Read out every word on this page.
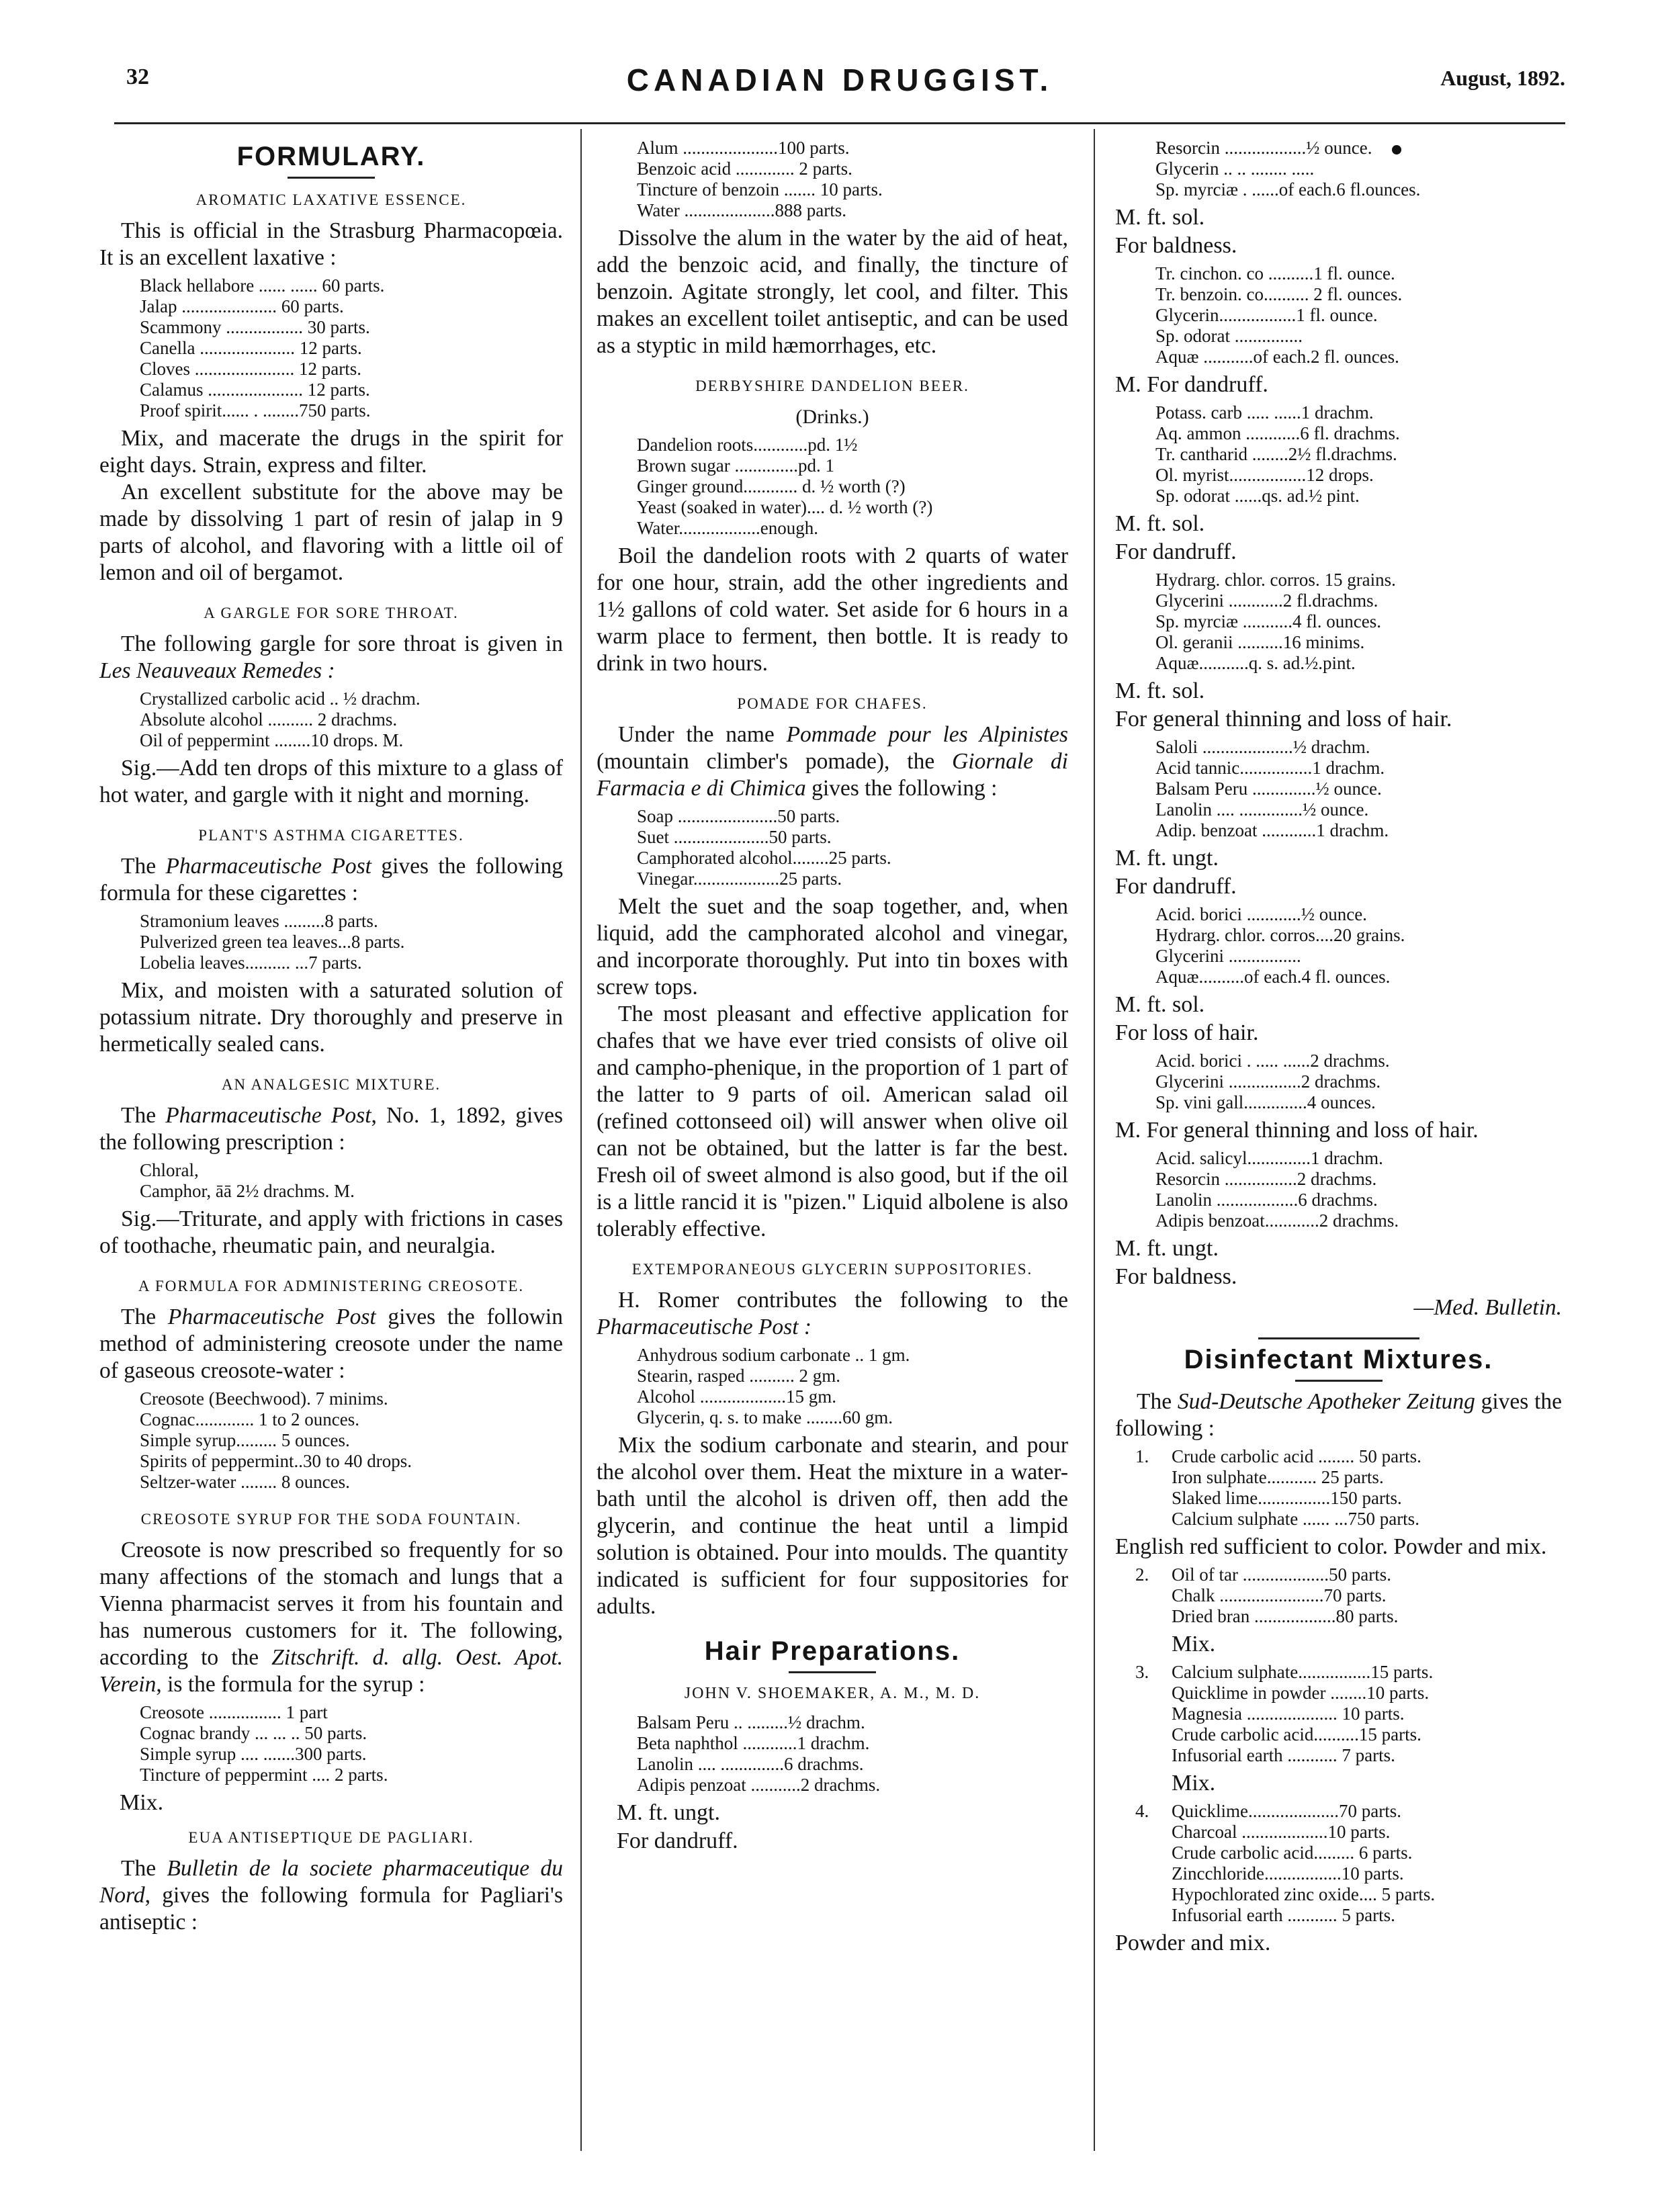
32	CANADIAN DRUGGIST.	August, 1892.
FORMULARY.
AROMATIC LAXATIVE ESSENCE.

This is official in the Strasburg Pharmacopœia. It is an excellent laxative :

Black hellabore ...... ...... 60 parts.
Jalap ..................... 60 parts.
Scammony ................. 30 parts.
Canella ..................... 12 parts.
Cloves ...................... 12 parts.
Calamus ..................... 12 parts.
Proof spirit...... . ........750 parts.

Mix, and macerate the drugs in the spirit for eight days. Strain, express and filter.

An excellent substitute for the above may be made by dissolving 1 part of resin of jalap in 9 parts of alcohol, and flavoring with a little oil of lemon and oil of bergamot.

A GARGLE FOR SORE THROAT.

The following gargle for sore throat is given in Les Neauveaux Remedes :

Crystallized carbolic acid .. ½ drachm.
Absolute alcohol .......... 2 drachms.
Oil of peppermint ........10 drops. M.

Sig.—Add ten drops of this mixture to a glass of hot water, and gargle with it night and morning.

PLANT'S ASTHMA CIGARETTES.

The Pharmaceutische Post gives the following formula for these cigarettes :

Stramonium leaves .........8 parts.
Pulverized green tea leaves...8 parts.
Lobelia leaves.......... ...7 parts.

Mix, and moisten with a saturated solution of potassium nitrate. Dry thoroughly and preserve in hermetically sealed cans.

AN ANALGESIC MIXTURE.

The Pharmaceutische Post, No. 1, 1892, gives the following prescription :

Chloral,
Camphor, āā 2½ drachms. M.

Sig.—Triturate, and apply with frictions in cases of toothache, rheumatic pain, and neuralgia.

A FORMULA FOR ADMINISTERING CREOSOTE.

The Pharmaceutische Post gives the followin method of administering creosote under the name of gaseous creosote-water :

Creosote (Beechwood). 7 minims.
Cognac............. 1 to 2 ounces.
Simple syrup......... 5 ounces.
Spirits of peppermint..30 to 40 drops.
Seltzer-water ........ 8 ounces.
CREOSOTE SYRUP FOR THE SODA FOUNTAIN.

Creosote is now prescribed so frequently for so many affections of the stomach and lungs that a Vienna pharmacist serves it from his fountain and has numerous customers for it. The following, according to the Zitschrift. d. allg. Oest. Apot. Verein, is the formula for the syrup :

Creosote ................ 1 part
Cognac brandy ... ... .. 50 parts.
Simple syrup .... .......300 parts.
Tincture of peppermint .... 2 parts.
Mix.
EUA ANTISEPTIQUE DE PAGLIARI.

The Bulletin de la societe pharmaceutique du Nord, gives the following formula for Pagliari's antiseptic :

Alum .....................100 parts.
Benzoic acid ............. 2 parts.
Tincture of benzoin ....... 10 parts.
Water ....................888 parts.

Dissolve the alum in the water by the aid of heat, add the benzoic acid, and finally, the tincture of benzoin. Agitate strongly, let cool, and filter. This makes an excellent toilet antiseptic, and can be used as a styptic in mild hæmorrhages, etc.

DERBYSHIRE DANDELION BEER.
(Drinks.)
Dandelion roots............pd. 1½
Brown sugar ..............pd. 1
Ginger ground............ d. ½ worth (?)
Yeast (soaked in water).... d. ½ worth (?)
Water..................enough.

Boil the dandelion roots with 2 quarts of water for one hour, strain, add the other ingredients and 1½ gallons of cold water. Set aside for 6 hours in a warm place to ferment, then bottle. It is ready to drink in two hours.

POMADE FOR CHAFES.

Under the name Pommade pour les Alpinistes (mountain climber's pomade), the Giornale di Farmacia e di Chimica gives the following :

Soap ......................50 parts.
Suet .....................50 parts.
Camphorated alcohol........25 parts.
Vinegar...................25 parts.

Melt the suet and the soap together, and, when liquid, add the camphorated alcohol and vinegar, and incorporate thoroughly. Put into tin boxes with screw tops.

The most pleasant and effective application for chafes that we have ever tried consists of olive oil and campho-phenique, in the proportion of 1 part of the latter to 9 parts of oil. American salad oil (refined cottonseed oil) will answer when olive oil can not be obtained, but the latter is far the best. Fresh oil of sweet almond is also good, but if the oil is a little rancid it is "pizen." Liquid albolene is also tolerably effective.

EXTEMPORANEOUS GLYCERIN SUPPOSITORIES.

H. Romer contributes the following to the Pharmaceutische Post :

Anhydrous sodium carbonate .. 1 gm.
Stearin, rasped .......... 2 gm.
Alcohol ...................15 gm.
Glycerin, q. s. to make ........60 gm.

Mix the sodium carbonate and stearin, and pour the alcohol over them. Heat the mixture in a water-bath until the alcohol is driven off, then add the glycerin, and continue the heat until a limpid solution is obtained. Pour into moulds. The quantity indicated is sufficient for four suppositories for adults.

Hair Preparations.
JOHN V. SHOEMAKER, A. M., M. D.
Balsam Peru .. .........½ drachm.
Beta naphthol ............1 drachm.
Lanolin .... ..............6 drachms.
Adipis penzoat ...........2 drachms.
M. ft. ungt.
For dandruff.
Resorcin ..................½ ounce.
Glycerin .. .. ........ .....
Sp. myrciæ . ......of each.6 fl.ounces.
M. ft. sol.
For baldness.
Tr. cinchon. co ..........1 fl. ounce.
Tr. benzoin. co.......... 2 fl. ounces.
Glycerin.................1 fl. ounce.
Sp. odorat ...............
Aquæ ...........of each.2 fl. ounces.
M. For dandruff.
Potass. carb ..... ......1 drachm.
Aq. ammon ............6 fl. drachms.
Tr. cantharid ........2½ fl.drachms.
Ol. myrist.................12 drops.
Sp. odorat ......qs. ad.½ pint.
M. ft. sol.
For dandruff.
Hydrarg. chlor. corros. 15 grains.
Glycerini ............2 fl.drachms.
Sp. myrciæ ...........4 fl. ounces.
Ol. geranii ..........16 minims.
Aquæ...........q. s. ad.½.pint.
M. ft. sol.
For general thinning and loss of hair.
Saloli ....................½ drachm.
Acid tannic................1 drachm.
Balsam Peru ..............½ ounce.
Lanolin .... ..............½ ounce.
Adip. benzoat ............1 drachm.
M. ft. ungt.
For dandruff.
Acid. borici ............½ ounce.
Hydrarg. chlor. corros....20 grains.
Glycerini ................
Aquæ..........of each.4 fl. ounces.
M. ft. sol.
For loss of hair.
Acid. borici . ..... ......2 drachms.
Glycerini ................2 drachms.
Sp. vini gall..............4 ounces.

M. For general thinning and loss of hair.

Acid. salicyl..............1 drachm.
Resorcin ................2 drachms.
Lanolin ..................6 drachms.
Adipis benzoat............2 drachms.
M. ft. ungt.
For baldness.
—Med. Bulletin.
Disinfectant Mixtures.

The Sud-Deutsche Apotheker Zeitung gives the following :

1. Crude carbolic acid ........ 50 parts.
Iron sulphate........... 25 parts.
Slaked lime................150 parts.
Calcium sulphate ...... ...750 parts.

English red sufficient to color. Powder and mix.

2. Oil of tar ...................50 parts.
Chalk .......................70 parts.
Dried bran ..................80 parts.
Mix.
3. Calcium sulphate................15 parts.
Quicklime in powder ........10 parts.
Magnesia .................... 10 parts.
Crude carbolic acid..........15 parts.
Infusorial earth ........... 7 parts.
Mix.
4. Quicklime....................70 parts.
Charcoal ...................10 parts.
Crude carbolic acid......... 6 parts.
Zincchloride.................10 parts.
Hypochlorated zinc oxide.... 5 parts.
Infusorial earth ........... 5 parts.
Powder and mix.
